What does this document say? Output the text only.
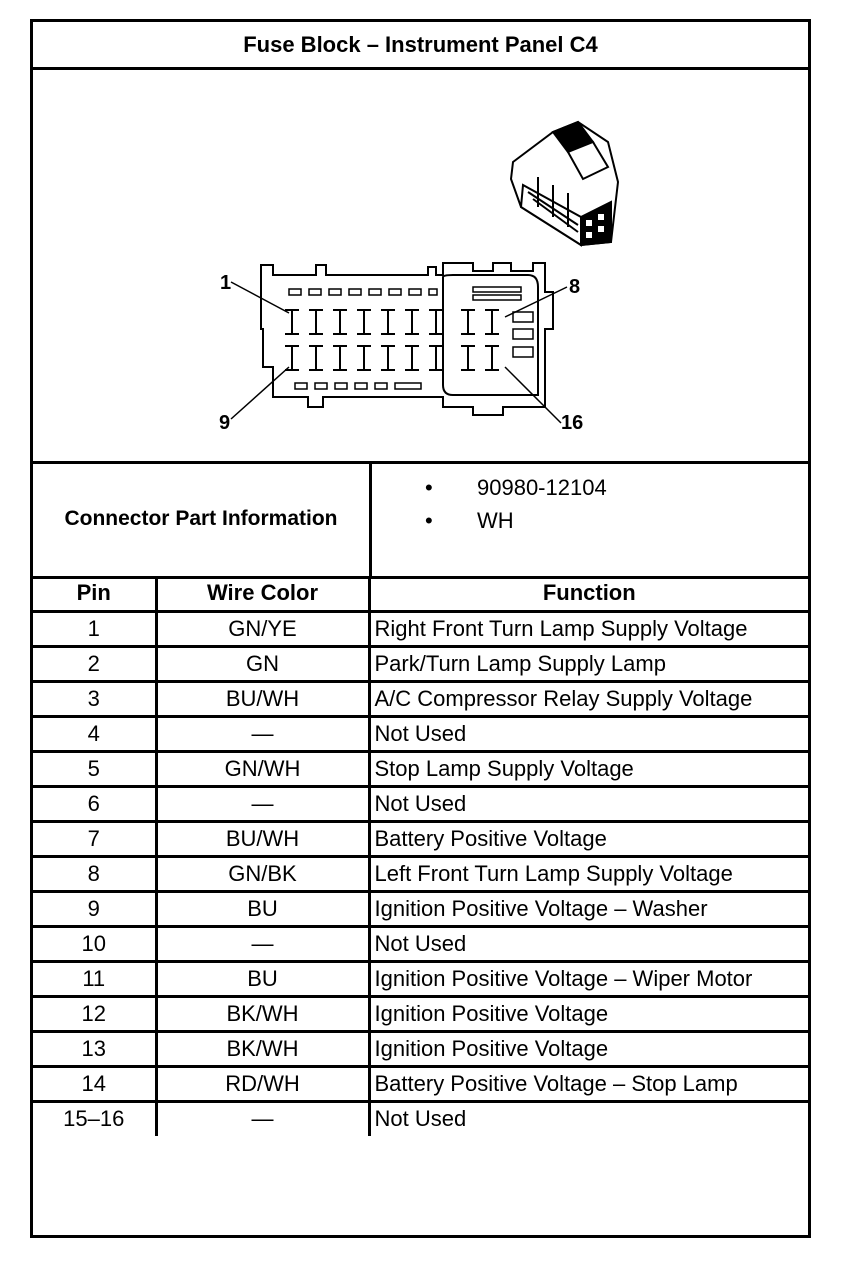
Fuse Block – Instrument Panel C4
1	8
9	16
Connector Part Information
• 90980-12104
• WH
Pin	Wire Color	Function
1	GN/YE	Right Front Turn Lamp Supply Voltage
2	GN	Park/Turn Lamp Supply Lamp
3	BU/WH	A/C Compressor Relay Supply Voltage
4	—	Not Used
5	GN/WH	Stop Lamp Supply Voltage
6	—	Not Used
7	BU/WH	Battery Positive Voltage
8	GN/BK	Left Front Turn Lamp Supply Voltage
9	BU	Ignition Positive Voltage – Washer
10	—	Not Used
11	BU	Ignition Positive Voltage – Wiper Motor
12	BK/WH	Ignition Positive Voltage
13	BK/WH	Ignition Positive Voltage
14	RD/WH	Battery Positive Voltage – Stop Lamp
15–16	—	Not Used
